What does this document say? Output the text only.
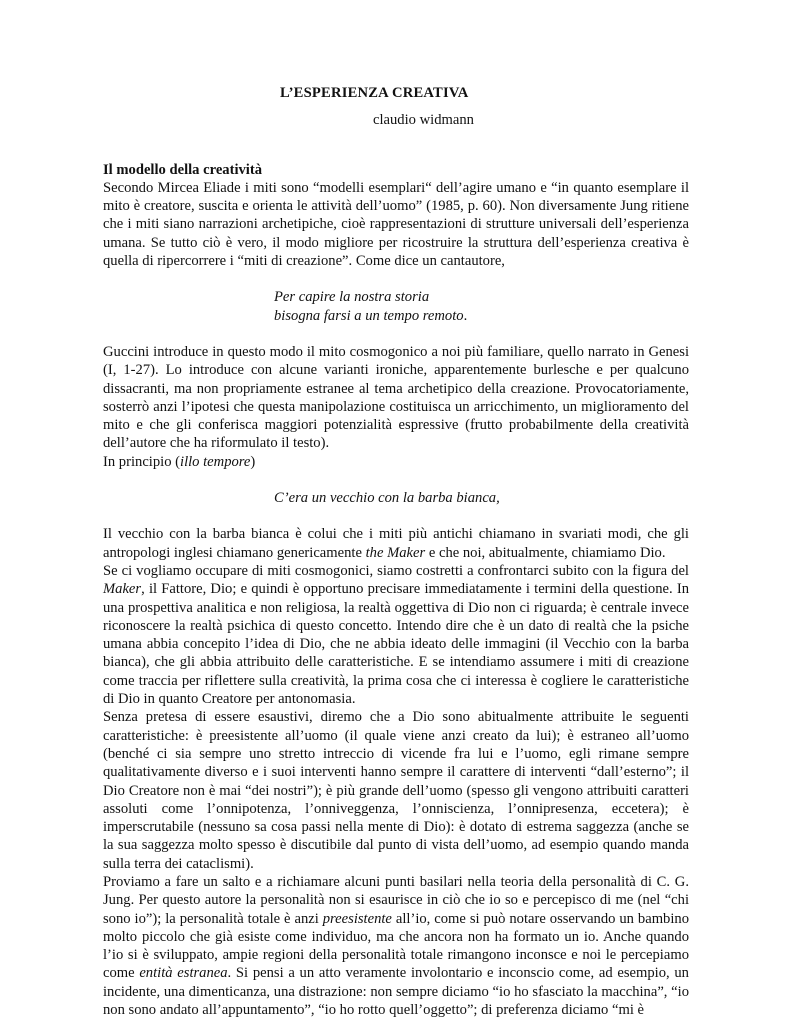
L’ESPERIENZA CREATIVA
claudio widmann
Il modello della creatività

Secondo Mircea Eliade i miti sono “modelli esemplari“ dell’agire umano e “in quanto esemplare il mito è creatore, suscita e orienta le attività dell’uomo” (1985, p. 60). Non diversamente Jung ritiene che i miti siano narrazioni archetipiche, cioè rappresentazioni di strutture universali dell’esperienza umana. Se tutto ciò è vero, il modo migliore per ricostruire la struttura dell’esperienza creativa è quella di ripercorrere i “miti di creazione”. Come dice un cantautore,

Per capire la nostra storia

bisogna farsi a un tempo remoto.

Guccini introduce in questo modo il mito cosmogonico a noi più familiare, quello narrato in Genesi (I, 1-27). Lo introduce con alcune varianti ironiche, apparentemente burlesche e per qualcuno dissacranti, ma non propriamente estranee al tema archetipico della creazione. Provocatoriamente, sosterrò anzi l’ipotesi che questa manipolazione costituisca un arricchimento, un miglioramento del mito e che gli conferisca maggiori potenzialità espressive (frutto probabilmente della creatività dell’autore che ha riformulato il testo).

In principio (illo tempore)

C’era un vecchio con la barba bianca,

Il vecchio con la barba bianca è colui che i miti più antichi chiamano in svariati modi, che gli antropologi inglesi chiamano genericamente the Maker e che noi, abitualmente, chiamiamo Dio.

Se ci vogliamo occupare di miti cosmogonici, siamo costretti a confrontarci subito con la figura del Maker, il Fattore, Dio; e quindi è opportuno precisare immediatamente i termini della questione. In una prospettiva analitica e non religiosa, la realtà oggettiva di Dio non ci riguarda; è centrale invece riconoscere la realtà psichica di questo concetto. Intendo dire che è un dato di realtà che la psiche umana abbia concepito l’idea di Dio, che ne abbia ideato delle immagini (il Vecchio con la barba bianca), che gli abbia attribuito delle caratteristiche. E se intendiamo assumere i miti di creazione come traccia per riflettere sulla creatività, la prima cosa che ci interessa è cogliere le caratteristiche di Dio in quanto Creatore per antonomasia.

Senza pretesa di essere esaustivi, diremo che a Dio sono abitualmente attribuite le seguenti caratteristiche: è preesistente all’uomo (il quale viene anzi creato da lui); è estraneo all’uomo (benché ci sia sempre uno stretto intreccio di vicende fra lui e l’uomo, egli rimane sempre qualitativamente diverso e i suoi interventi hanno sempre il carattere di interventi “dall’esterno”; il Dio Creatore non è mai “dei nostri”); è più grande dell’uomo (spesso gli vengono attribuiti caratteri assoluti come l’onnipotenza, l’onniveggenza, l’onniscienza, l’onnipresenza, eccetera); è imperscrutabile (nessuno sa cosa passi nella mente di Dio): è dotato di estrema saggezza (anche se la sua saggezza molto spesso è discutibile dal punto di vista dell’uomo, ad esempio quando manda sulla terra dei cataclismi).

Proviamo a fare un salto e a richiamare alcuni punti basilari nella teoria della personalità di C. G. Jung. Per questo autore la personalità non si esaurisce in ciò che io so e percepisco di me (nel “chi sono io”); la personalità totale è anzi preesistente all’io, come si può notare osservando un bambino molto piccolo che già esiste come individuo, ma che ancora non ha formato un io. Anche quando l’io si è sviluppato, ampie regioni della personalità totale rimangono inconsce e noi le percepiamo come entità estranea. Si pensi a un atto veramente involontario e inconscio come, ad esempio, un incidente, una dimenticanza, una distrazione: non sempre diciamo “io ho sfasciato la macchina”, “io non sono andato all’appuntamento”, “io ho rotto quell’oggetto”; di preferenza diciamo “mi è
